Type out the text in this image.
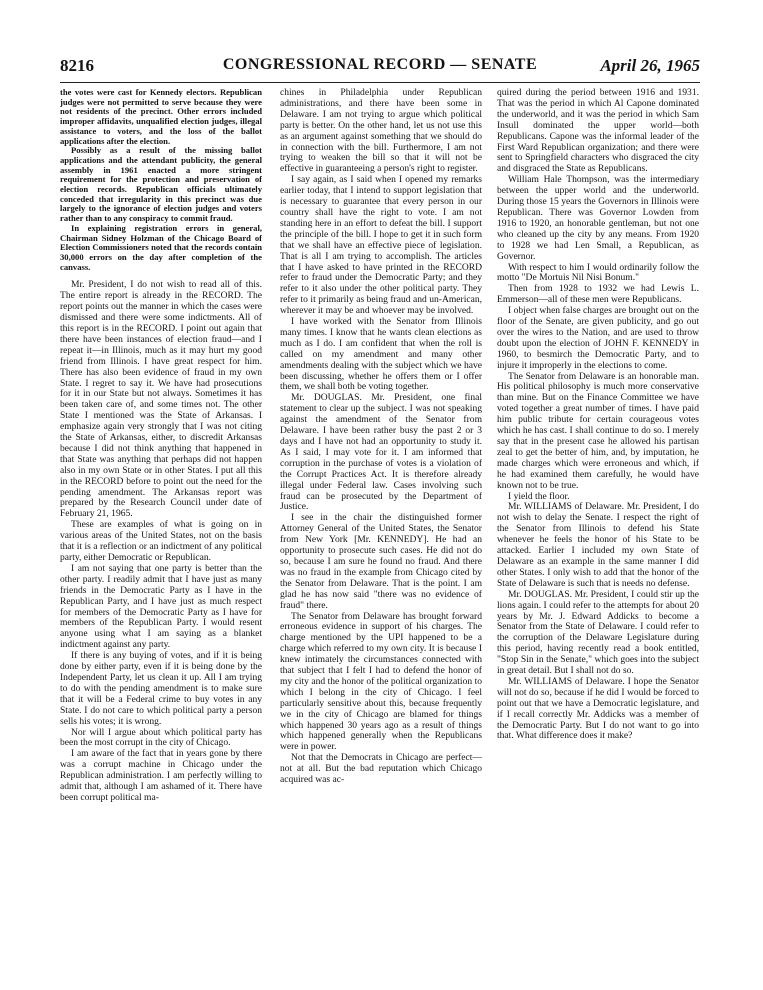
8216	CONGRESSIONAL RECORD — SENATE	April 26, 1965

the votes were cast for Kennedy electors. Republican judges were not permitted to serve because they were not residents of the precinct. Other errors included improper affidavits, unqualified election judges, illegal assistance to voters, and the loss of the ballot applications after the election.

Possibly as a result of the missing ballot applications and the attendant publicity, the general assembly in 1961 enacted a more stringent requirement for the protection and preservation of election records. Republican officials ultimately conceded that irregularity in this precinct was due largely to the ignorance of election judges and voters rather than to any conspiracy to commit fraud.

In explaining registration errors in general, Chairman Sidney Holzman of the Chicago Board of Election Commissioners noted that the records contain 30,000 errors on the day after completion of the canvass.

Mr. President, I do not wish to read all of this. The entire report is already in the RECORD. The report points out the manner in which the cases were dismissed and there were some indictments. All of this report is in the RECORD. I point out again that there have been instances of election fraud—and I repeat it—in Illinois, much as it may hurt my good friend from Illinois. I have great respect for him. There has also been evidence of fraud in my own State. I regret to say it. We have had prosecutions for it in our State but not always. Sometimes it has been taken care of, and some times not. The other State I mentioned was the State of Arkansas. I emphasize again very strongly that I was not citing the State of Arkansas, either, to discredit Arkansas because I did not think anything that happened in that State was anything that perhaps did not happen also in my own State or in other States. I put all this in the RECORD before to point out the need for the pending amendment. The Arkansas report was prepared by the Research Council under date of February 21, 1965.

These are examples of what is going on in various areas of the United States, not on the basis that it is a reflection or an indictment of any political party, either Democratic or Republican.

I am not saying that one party is better than the other party. I readily admit that I have just as many friends in the Democratic Party as I have in the Republican Party, and I have just as much respect for members of the Democratic Party as I have for members of the Republican Party. I would resent anyone using what I am saying as a blanket indictment against any party.

If there is any buying of votes, and if it is being done by either party, even if it is being done by the Independent Party, let us clean it up. All I am trying to do with the pending amendment is to make sure that it will be a Federal crime to buy votes in any State. I do not care to which political party a person sells his votes; it is wrong.

Nor will I argue about which political party has been the most corrupt in the city of Chicago.

I am aware of the fact that in years gone by there was a corrupt machine in Chicago under the Republican administration. I am perfectly willing to admit that, although I am ashamed of it. There have been corrupt political ma-

chines in Philadelphia under Republican administrations, and there have been some in Delaware. I am not trying to argue which political party is better. On the other hand, let us not use this as an argument against something that we should do in connection with the bill. Furthermore, I am not trying to weaken the bill so that it will not be effective in guaranteeing a person's right to register.

I say again, as I said when I opened my remarks earlier today, that I intend to support legislation that is necessary to guarantee that every person in our country shall have the right to vote. I am not standing here in an effort to defeat the bill. I support the principle of the bill. I hope to get it in such form that we shall have an effective piece of legislation. That is all I am trying to accomplish. The articles that I have asked to have printed in the RECORD refer to fraud under the Democratic Party; and they refer to it also under the other political party. They refer to it primarily as being fraud and un-American, wherever it may be and whoever may be involved.

I have worked with the Senator from Illinois many times. I know that he wants clean elections as much as I do. I am confident that when the roll is called on my amendment and many other amendments dealing with the subject which we have been discussing, whether he offers them or I offer them, we shall both be voting together.

Mr. DOUGLAS. Mr. President, one final statement to clear up the subject. I was not speaking against the amendment of the Senator from Delaware. I have been rather busy the past 2 or 3 days and I have not had an opportunity to study it. As I said, I may vote for it. I am informed that corruption in the purchase of votes is a violation of the Corrupt Practices Act. It is therefore already illegal under Federal law. Cases involving such fraud can be prosecuted by the Department of Justice.

I see in the chair the distinguished former Attorney General of the United States, the Senator from New York [Mr. KENNEDY]. He had an opportunity to prosecute such cases. He did not do so, because I am sure he found no fraud. And there was no fraud in the example from Chicago cited by the Senator from Delaware. That is the point. I am glad he has now said "there was no evidence of fraud" there.

The Senator from Delaware has brought forward erroneous evidence in support of his charges. The charge mentioned by the UPI happened to be a charge which referred to my own city. It is because I knew intimately the circumstances connected with that subject that I felt I had to defend the honor of my city and the honor of the political organization to which I belong in the city of Chicago. I feel particularly sensitive about this, because frequently we in the city of Chicago are blamed for things which happened 30 years ago as a result of things which happened generally when the Republicans were in power.

Not that the Democrats in Chicago are perfect—not at all. But the bad reputation which Chicago acquired was ac-

quired during the period between 1916 and 1931. That was the period in which Al Capone dominated the underworld, and it was the period in which Sam Insull dominated the upper world—both Republicans. Capone was the informal leader of the First Ward Republican organization; and there were sent to Springfield characters who disgraced the city and disgraced the State as Republicans.

William Hale Thompson, was the intermediary between the upper world and the underworld. During those 15 years the Governors in Illinois were Republican. There was Governor Lowden from 1916 to 1920, an honorable gentleman, but not one who cleaned up the city by any means. From 1920 to 1928 we had Len Small, a Republican, as Governor.

With respect to him I would ordinarily follow the motto "De Mortuis Nil Nisi Bonum."

Then from 1928 to 1932 we had Lewis L. Emmerson—all of these men were Republicans.

I object when false charges are brought out on the floor of the Senate, are given publicity, and go out over the wires to the Nation, and are used to throw doubt upon the election of JOHN F. KENNEDY in 1960, to besmirch the Democratic Party, and to injure it improperly in the elections to come.

The Senator from Delaware is an honorable man. His political philosophy is much more conservative than mine. But on the Finance Committee we have voted together a great number of times. I have paid him public tribute for certain courageous votes which he has cast. I shall continue to do so. I merely say that in the present case he allowed his partisan zeal to get the better of him, and, by imputation, he made charges which were erroneous and which, if he had examined them carefully, he would have known not to be true.

I yield the floor.

Mr. WILLIAMS of Delaware. Mr. President, I do not wish to delay the Senate. I respect the right of the Senator from Illinois to defend his State whenever he feels the honor of his State to be attacked. Earlier I included my own State of Delaware as an example in the same manner I did other States. I only wish to add that the honor of the State of Delaware is such that is needs no defense.

Mr. DOUGLAS. Mr. President, I could stir up the lions again. I could refer to the attempts for about 20 years by Mr. J. Edward Addicks to become a Senator from the State of Delaware. I could refer to the corruption of the Delaware Legislature during this period, having recently read a book entitled, "Stop Sin in the Senate," which goes into the subject in great detail. But I shall not do so.

Mr. WILLIAMS of Delaware. I hope the Senator will not do so, because if he did I would be forced to point out that we have a Democratic legislature, and if I recall correctly Mr. Addicks was a member of the Democratic Party. But I do not want to go into that. What difference does it make?
